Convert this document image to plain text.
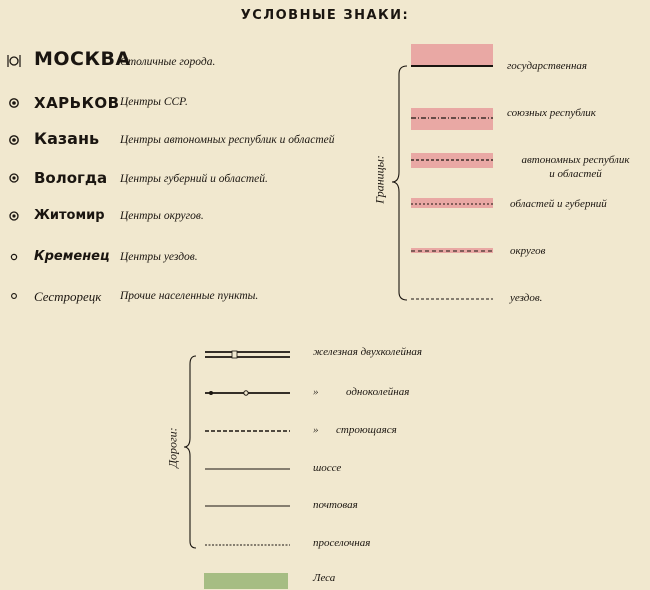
УСЛОВНЫЕ ЗНАКИ:
МОСКВА
Столичные города.
ХАРЬКОВ Центры ССР.
Казань Центры автономных республик и областей
Вологда Центры губерний и областей.
Житомир Центры округов.
Кременец Центры уездов.
Сестрорецк Прочие населенные пункты.
Границы:
государственная
союзных республик
автономных республик
и областей
областей и губерний
округов
уездов.
Дороги:
железная двухколейная
»	одноколейная
» строющаяся
шоссе
почтовая
проселочная
Леса
